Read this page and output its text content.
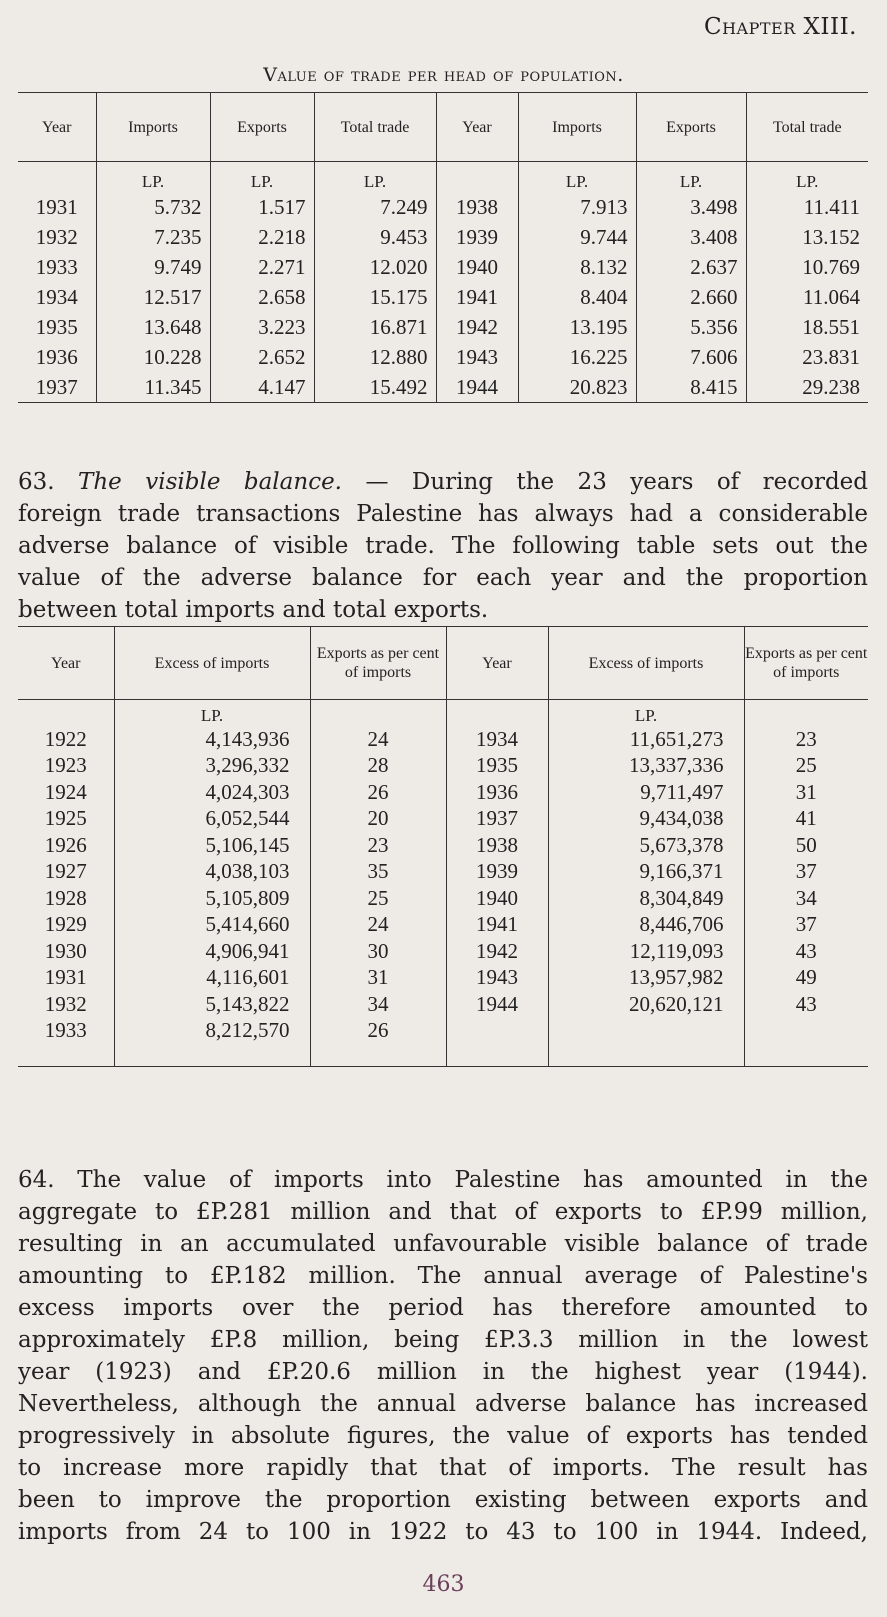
Chapter XIII.
Value of trade per head of population.
Year	Imports	Exports	Total trade	Year	Imports	Exports	Total trade
	LP.	LP.	LP.		LP.	LP.	LP.
1931	5.732	1.517	7.249	1938	7.913	3.498	11.411
1932	7.235	2.218	9.453	1939	9.744	3.408	13.152
1933	9.749	2.271	12.020	1940	8.132	2.637	10.769
1934	12.517	2.658	15.175	1941	8.404	2.660	11.064
1935	13.648	3.223	16.871	1942	13.195	5.356	18.551
1936	10.228	2.652	12.880	1943	16.225	7.606	23.831
1937	11.345	4.147	15.492	1944	20.823	8.415	29.238
63. The visible balance. — During the 23 years of recorded
foreign trade transactions Palestine has always had a considerable
adverse balance of visible trade. The following table sets out the
value of the adverse balance for each year and the proportion
between total imports and total exports.
Year	Excess of imports	Exports as per cent of imports	Year	Excess of imports	Exports as per cent of imports
	LP.			LP.	
1922	4,143,936	24	1934	11,651,273	23
1923	3,296,332	28	1935	13,337,336	25
1924	4,024,303	26	1936	9,711,497	31
1925	6,052,544	20	1937	9,434,038	41
1926	5,106,145	23	1938	5,673,378	50
1927	4,038,103	35	1939	9,166,371	37
1928	5,105,809	25	1940	8,304,849	34
1929	5,414,660	24	1941	8,446,706	37
1930	4,906,941	30	1942	12,119,093	43
1931	4,116,601	31	1943	13,957,982	49
1932	5,143,822	34	1944	20,620,121	43
1933	8,212,570	26			

64. The value of imports into Palestine has amounted in the
aggregate to £P.281 million and that of exports to £P.99 million,
resulting in an accumulated unfavourable visible balance of trade
amounting to £P.182 million. The annual average of Palestine's
excess imports over the period has therefore amounted to
approximately £P.8 million, being £P.3.3 million in the lowest
year (1923) and £P.20.6 million in the highest year (1944).
Nevertheless, although the annual adverse balance has increased
progressively in absolute figures, the value of exports has tended
to increase more rapidly that that of imports. The result has
been to improve the proportion existing between exports and
imports from 24 to 100 in 1922 to 43 to 100 in 1944. Indeed,
463
